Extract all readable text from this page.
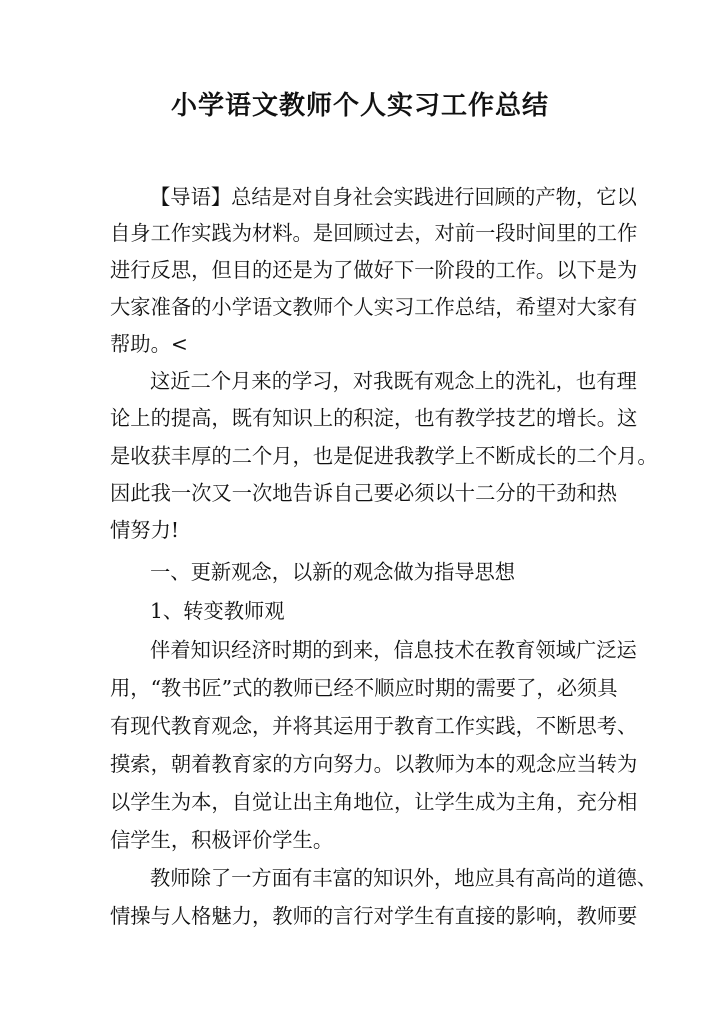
小学语文教师个人实习工作总结
【导语】总结是对自身社会实践进行回顾的产物，它以
自身工作实践为材料。是回顾过去，对前一段时间里的工作
进行反思，但目的还是为了做好下一阶段的工作。以下是为
大家准备的小学语文教师个人实习工作总结，希望对大家有
帮助。<
这近二个月来的学习，对我既有观念上的洗礼，也有理
论上的提高，既有知识上的积淀，也有教学技艺的增长。这
是收获丰厚的二个月，也是促进我教学上不断成长的二个月。
因此我一次又一次地告诉自己要必须以十二分的干劲和热
情努力!
一、更新观念，以新的观念做为指导思想
1、转变教师观
伴着知识经济时期的到来，信息技术在教育领域广泛运
用，“教书匠”式的教师已经不顺应时期的需要了，必须具
有现代教育观念，并将其运用于教育工作实践，不断思考、
摸索，朝着教育家的方向努力。以教师为本的观念应当转为
以学生为本，自觉让出主角地位，让学生成为主角，充分相
信学生，积极评价学生。
教师除了一方面有丰富的知识外，地应具有高尚的道德、
情操与人格魅力，教师的言行对学生有直接的影响，教师要
